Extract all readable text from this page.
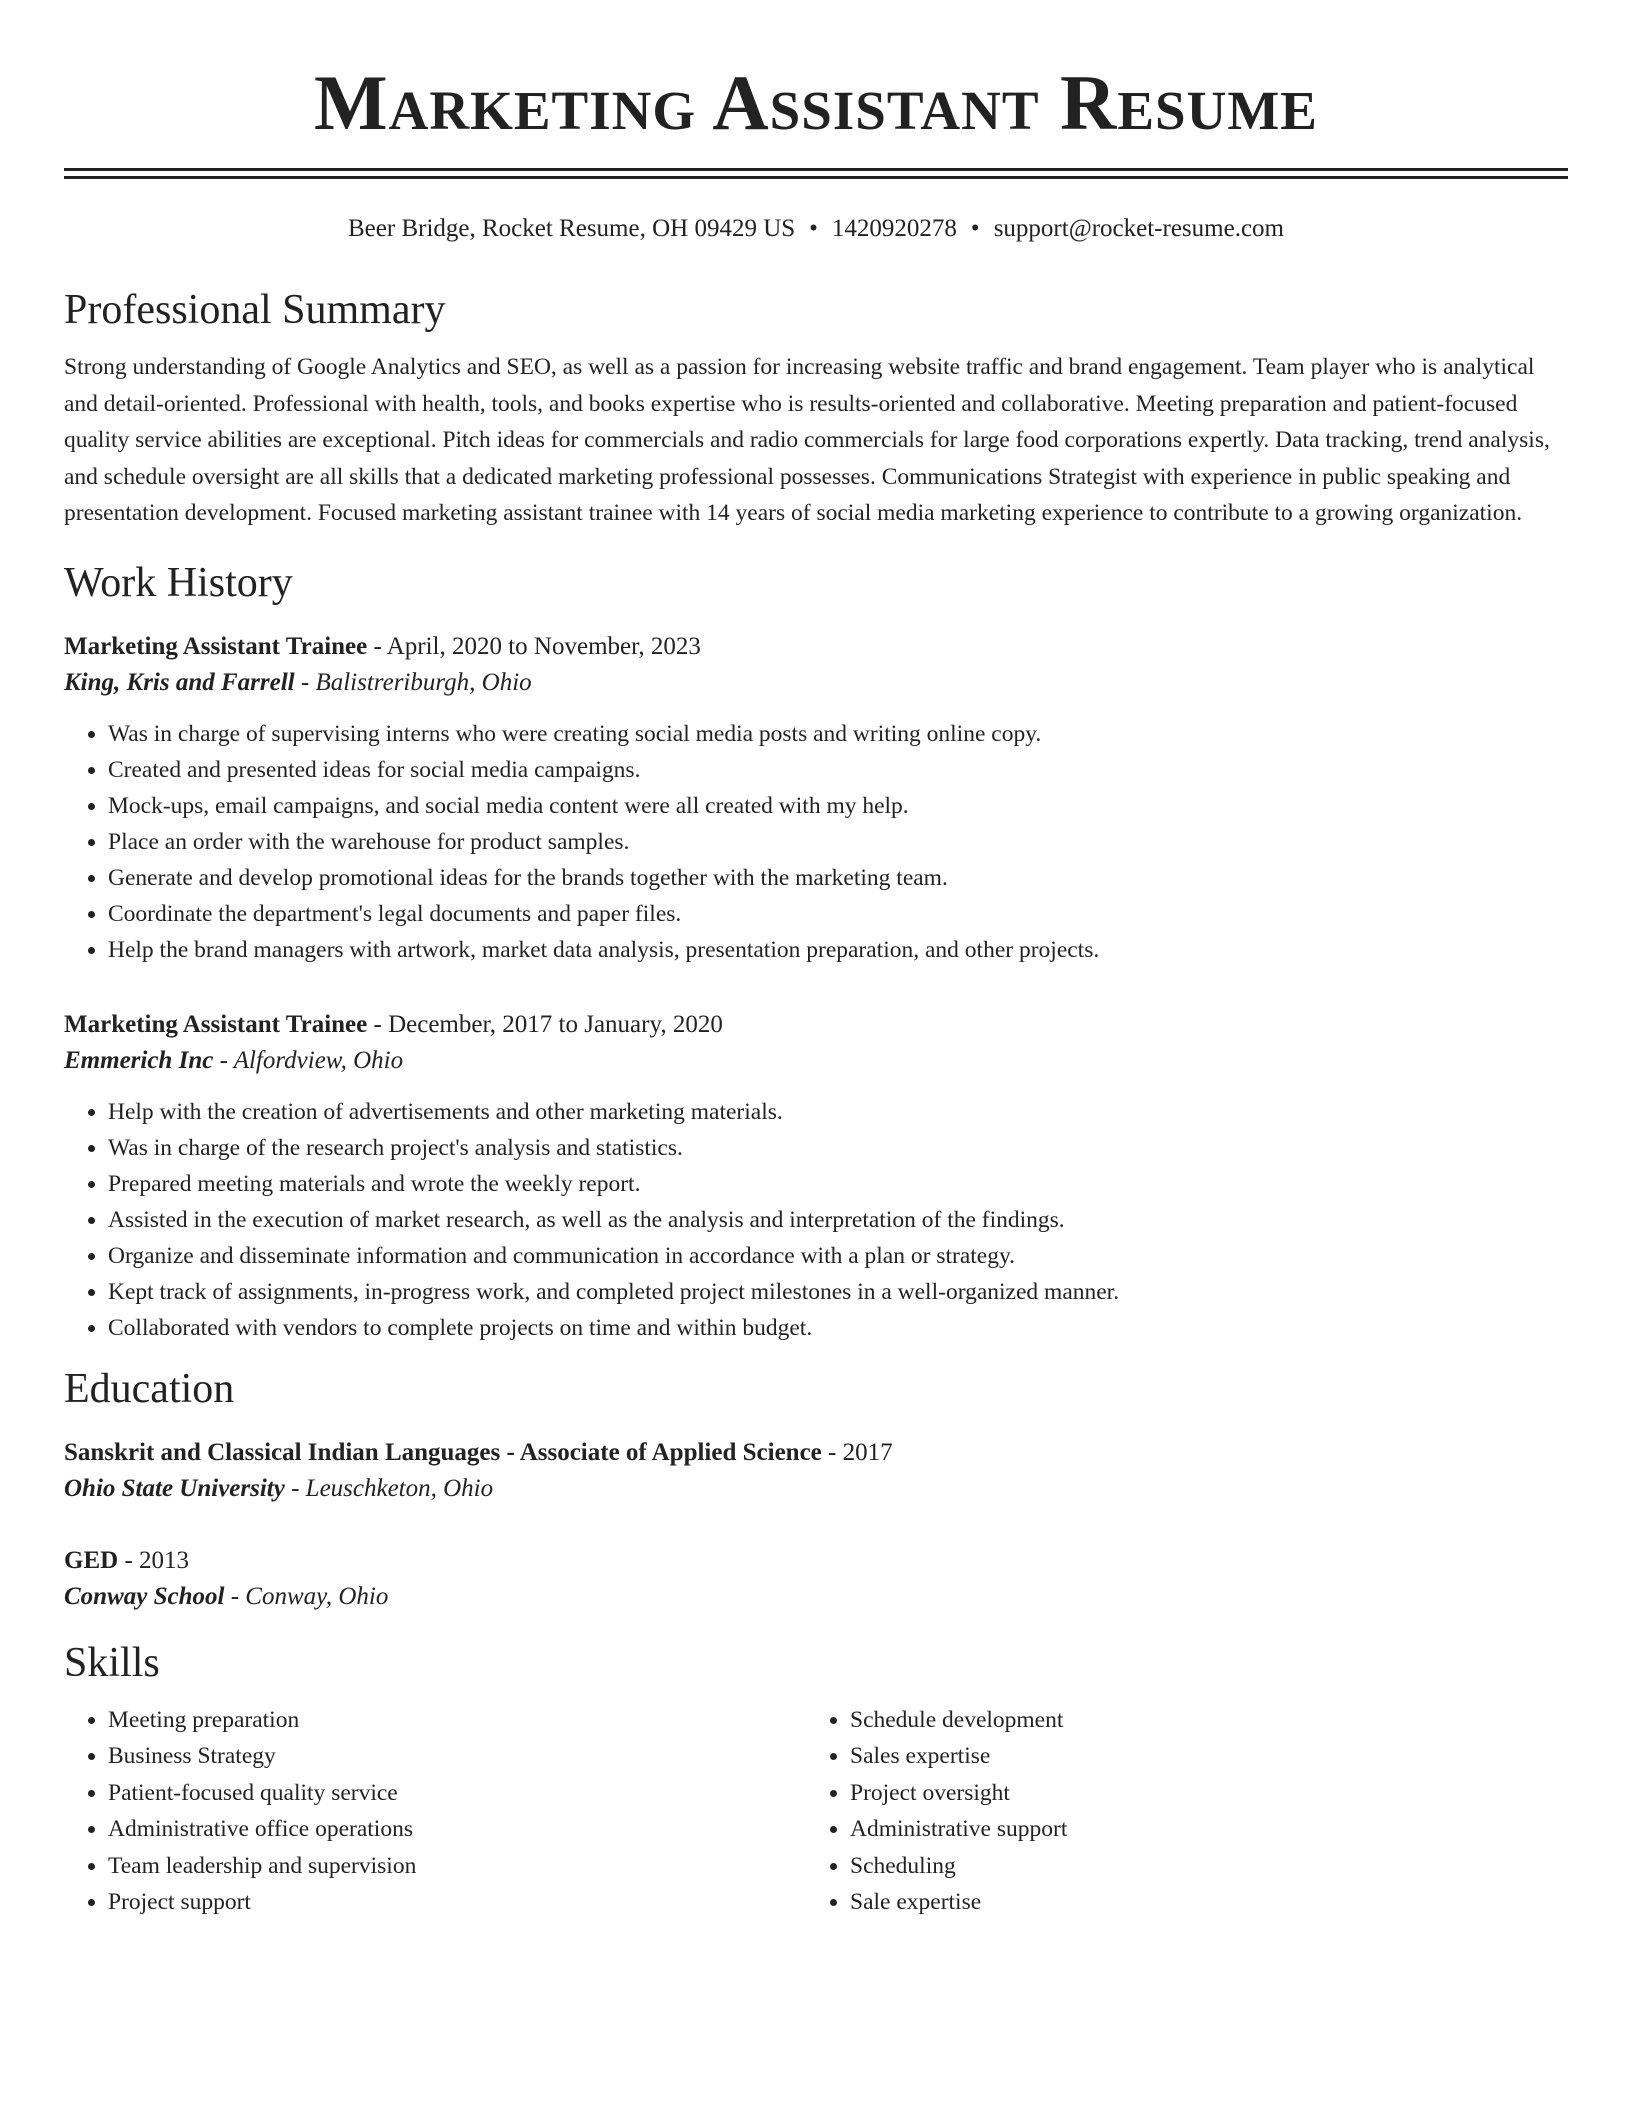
Marketing Assistant Resume
Beer Bridge, Rocket Resume, OH 09429 US • 1420920278 • support@rocket-resume.com
Professional Summary

Strong understanding of Google Analytics and SEO, as well as a passion for increasing website traffic and brand engagement. Team player who is analytical and detail-oriented. Professional with health, tools, and books expertise who is results-oriented and collaborative. Meeting preparation and patient-focused quality service abilities are exceptional. Pitch ideas for commercials and radio commercials for large food corporations expertly. Data tracking, trend analysis, and schedule oversight are all skills that a dedicated marketing professional possesses. Communications Strategist with experience in public speaking and presentation development. Focused marketing assistant trainee with 14 years of social media marketing experience to contribute to a growing organization.

Work History
Marketing Assistant Trainee - April, 2020 to November, 2023
King, Kris and Farrell - Balistreriburgh, Ohio
• Was in charge of supervising interns who were creating social media posts and writing online copy.
• Created and presented ideas for social media campaigns.
• Mock-ups, email campaigns, and social media content were all created with my help.
• Place an order with the warehouse for product samples.
• Generate and develop promotional ideas for the brands together with the marketing team.
• Coordinate the department's legal documents and paper files.
• Help the brand managers with artwork, market data analysis, presentation preparation, and other projects.
Marketing Assistant Trainee - December, 2017 to January, 2020
Emmerich Inc - Alfordview, Ohio
• Help with the creation of advertisements and other marketing materials.
• Was in charge of the research project's analysis and statistics.
• Prepared meeting materials and wrote the weekly report.
• Assisted in the execution of market research, as well as the analysis and interpretation of the findings.
• Organize and disseminate information and communication in accordance with a plan or strategy.
• Kept track of assignments, in-progress work, and completed project milestones in a well-organized manner.
• Collaborated with vendors to complete projects on time and within budget.
Education
Sanskrit and Classical Indian Languages - Associate of Applied Science - 2017
Ohio State University - Leuschketon, Ohio
GED - 2013
Conway School - Conway, Ohio
Skills
• Meeting preparation
• Business Strategy
• Patient-focused quality service
• Administrative office operations
• Team leadership and supervision
• Project support
• Schedule development
• Sales expertise
• Project oversight
• Administrative support
• Scheduling
• Sale expertise
